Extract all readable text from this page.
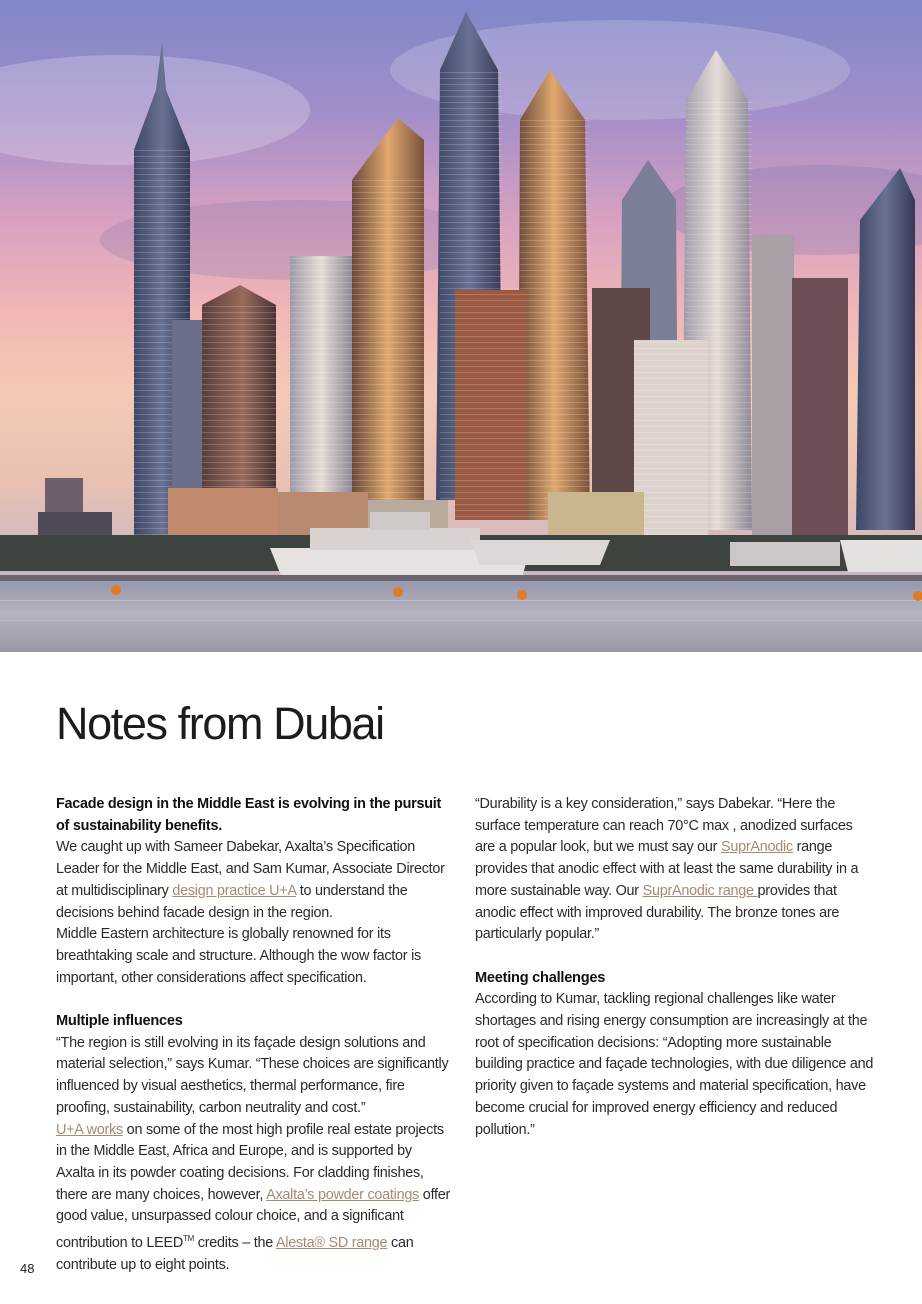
Notes from Dubai

Facade design in the Middle East is evolving in the pursuit of sustainability benefits.

We caught up with Sameer Dabekar, Axalta’s Specification Leader for the Middle East, and Sam Kumar, Associate Director at multidisciplinary design practice U+A to understand the decisions behind facade design in the region.

Middle Eastern architecture is globally renowned for its breathtaking scale and structure. Although the wow factor is important, other considerations affect specification.

Multiple influences

“The region is still evolving in its façade design solutions and material selection,” says Kumar. “These choices are significantly influenced by visual aesthetics, thermal performance, fire proofing, sustainability, carbon neutrality and cost.”

U+A works on some of the most high profile real estate projects in the Middle East, Africa and Europe, and is supported by Axalta in its powder coating decisions. For cladding finishes, there are many choices, however, Axalta’s powder coatings offer good value, unsurpassed colour choice, and a significant contribution to LEED™ credits – the Alesta® SD range can contribute up to eight points.

“Durability is a key consideration,” says Dabekar. “Here the surface temperature can reach 70°C max , anodized surfaces are a popular look, but we must say our SuprAnodic range provides that anodic effect with at least the same durability in a more sustainable way. Our SuprAnodic range provides that anodic effect with improved durability. The bronze tones are particularly popular.”

Meeting challenges

According to Kumar, tackling regional challenges like water shortages and rising energy consumption are increasingly at the root of specification decisions: “Adopting more sustainable building practice and façade technologies, with due diligence and priority given to façade systems and material specification, have become crucial for improved energy efficiency and reduced pollution.”

48
